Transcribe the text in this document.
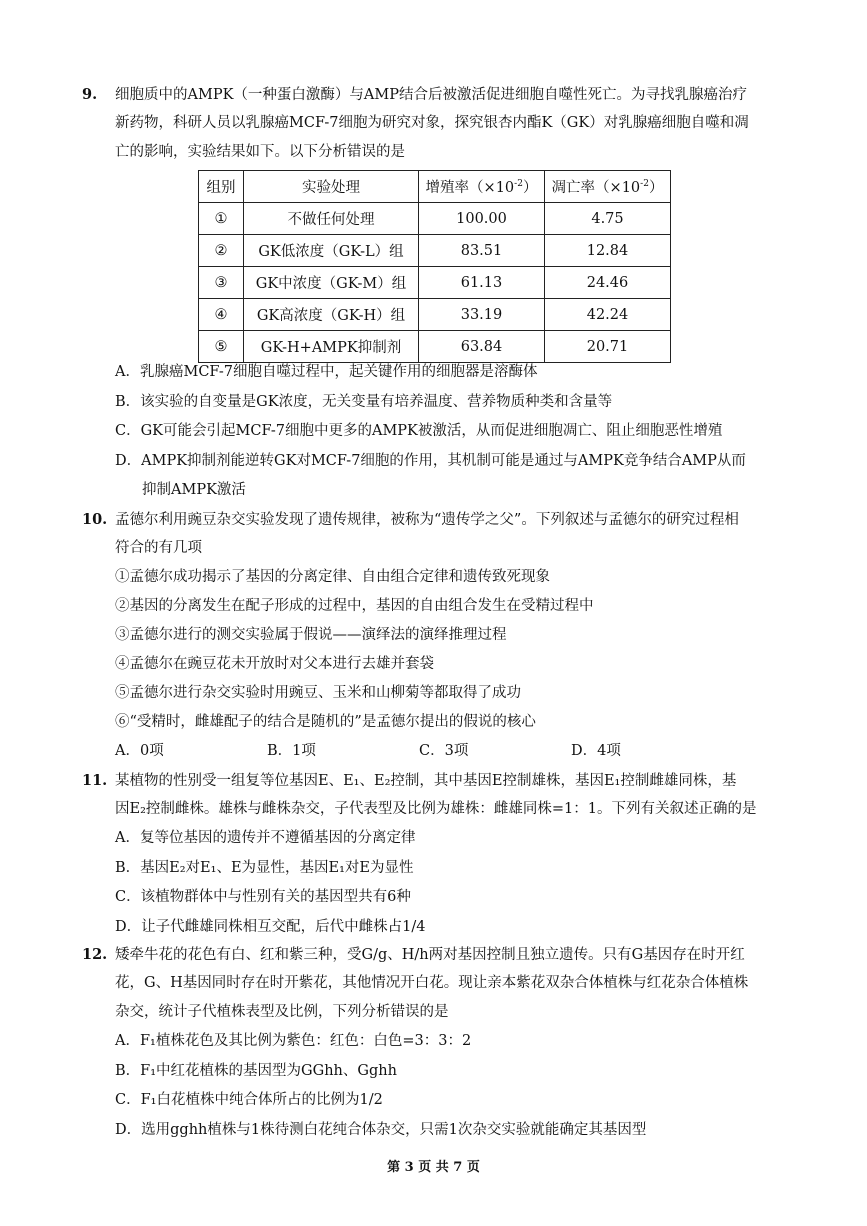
9. 细胞质中的AMPK（一种蛋白激酶）与AMP结合后被激活促进细胞自噬性死亡。为寻找乳腺癌治疗
新药物，科研人员以乳腺癌MCF-7细胞为研究对象，探究银杏内酯K（GK）对乳腺癌细胞自噬和凋
亡的影响，实验结果如下。以下分析错误的是
组别	实验处理	增殖率$(\times 10^{-2})$	凋亡率$(\times 10^{-2})$
①	不做任何处理	100.00	4.75
②	GK低浓度（GK-L）组	83.51	12.84
③	GK中浓度（GK-M）组	61.13	24.46
④	GK高浓度（GK-H）组	33.19	42.24
⑤	GK-H+AMPK抑制剂	63.84	20.71
A．乳腺癌MCF-7细胞自噬过程中，起关键作用的细胞器是溶酶体
B．该实验的自变量是GK浓度，无关变量有培养温度、营养物质种类和含量等
C．GK可能会引起MCF-7细胞中更多的AMPK被激活，从而促进细胞凋亡、阻止细胞恶性增殖
D．AMPK抑制剂能逆转GK对MCF-7细胞的作用，其机制可能是通过与AMPK竞争结合AMP从而
抑制AMPK激活
10. 孟德尔利用豌豆杂交实验发现了遗传规律，被称为“遗传学之父”。下列叙述与孟德尔的研究过程相
符合的有几项
①孟德尔成功揭示了基因的分离定律、自由组合定律和遗传致死现象
②基因的分离发生在配子形成的过程中，基因的自由组合发生在受精过程中
③孟德尔进行的测交实验属于假说——演绎法的演绎推理过程
④孟德尔在豌豆花未开放时对父本进行去雄并套袋
⑤孟德尔进行杂交实验时用豌豆、玉米和山柳菊等都取得了成功
⑥“受精时，雌雄配子的结合是随机的”是孟德尔提出的假说的核心
A．0项	B．1项	C．3项	D．4项
11. 某植物的性别受一组复等位基因E、E₁、E₂控制，其中基因E控制雄株，基因E₁控制雌雄同株，基
因E₂控制雌株。雄株与雌株杂交，子代表型及比例为雄株：雌雄同株=1：1。下列有关叙述正确的是
A．复等位基因的遗传并不遵循基因的分离定律
B．基因E₂对E₁、E为显性，基因E₁对E为显性
C．该植物群体中与性别有关的基因型共有6种
D．让子代雌雄同株相互交配，后代中雌株占1/4
12. 矮牵牛花的花色有白、红和紫三种，受G/g、H/h两对基因控制且独立遗传。只有G基因存在时开红
花，G、H基因同时存在时开紫花，其他情况开白花。现让亲本紫花双杂合体植株与红花杂合体植株
杂交，统计子代植株表型及比例，下列分析错误的是
A．F₁植株花色及其比例为紫色：红色：白色=3：3：2
B．F₁中红花植株的基因型为GGhh、Gghh
C．F₁白花植株中纯合体所占的比例为1/2
D．选用gghh植株与1株待测白花纯合体杂交，只需1次杂交实验就能确定其基因型
第 3 页 共 7 页
